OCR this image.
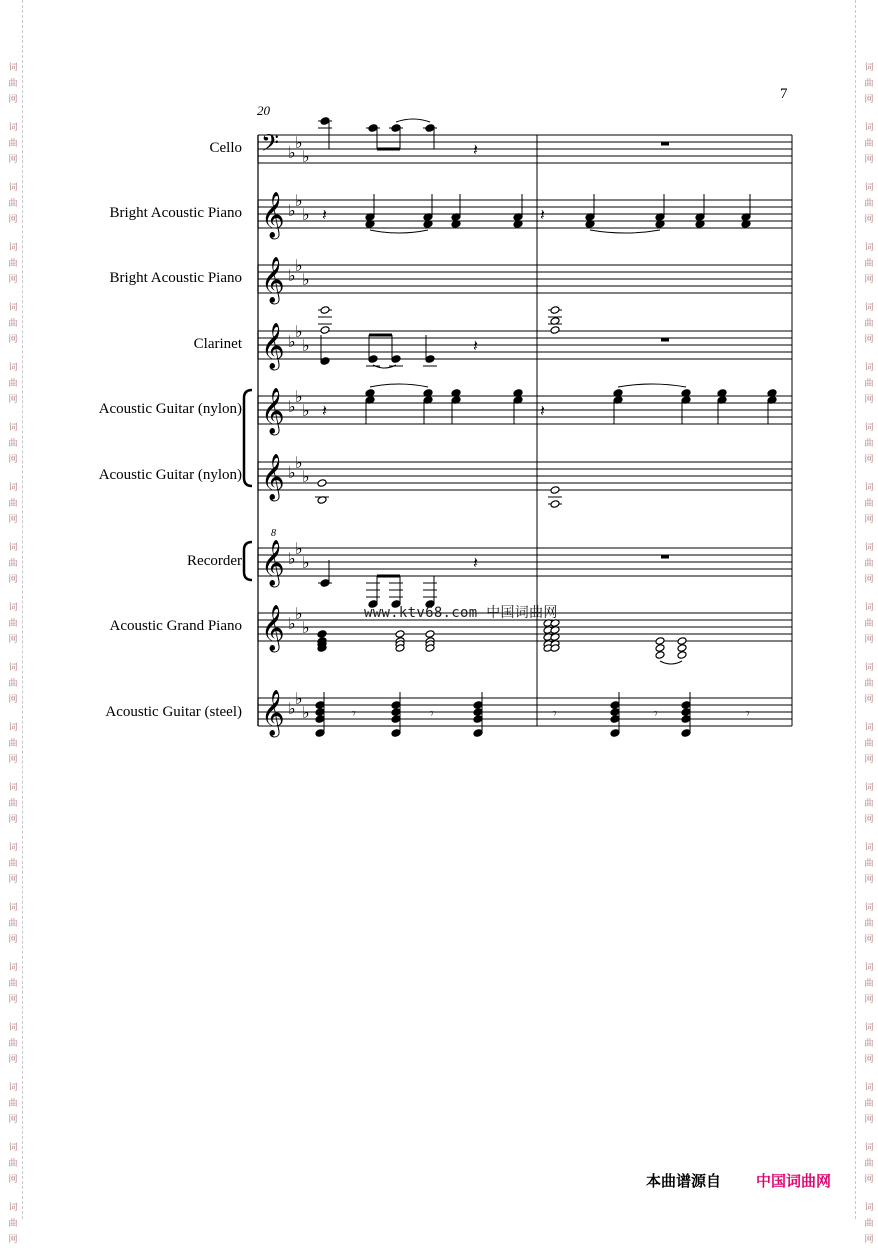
词
曲
网
词
曲
网
词
曲
网
词
曲
网
词
曲
网
词
曲
网
词
曲
网
词
曲
网
词
曲
网
词
曲
网
词
曲
网
词
曲
网
词
曲
网
词
曲
网
词
曲
网
词
曲
网
词
曲
网
词
曲
网
词
曲
网
词
曲
网
词
曲
网
词
曲
网
词
曲
网
词
曲
网
词
曲
网
词
曲
网
词
曲
网
词
曲
网
词
曲
网
词
曲
网
词
曲
网
词
曲
网
词
曲
网
词
曲
网
词
曲
网
词
曲
网
词
曲
网
词
曲
网
词
曲
网
词
曲
网
7
20
Cello
Bright Acoustic Piano
Bright Acoustic Piano
Clarinet
Acoustic Guitar (nylon)
Acoustic Guitar (nylon)
Recorder
Acoustic Grand Piano
Acoustic Guitar (steel)
𝄢 ♭
♭
♭
𝄞 ♭
♭
♭
𝄞 ♭
♭
♭
𝄞 ♭
♭
♭
𝄞 ♭
♭
♭
𝄞 ♭
♭
♭
𝄞 ♭
♭
♭
𝄞 ♭
♭
♭
𝄞 ♭
♭
♭
𝄽
𝄽	𝄽
𝄽
𝄽	𝄽
𝄽
𝄾	𝄾	𝄾	𝄾	𝄾
8
www.ktv68.com 中国词曲网
本曲谱源自 中国词曲网
